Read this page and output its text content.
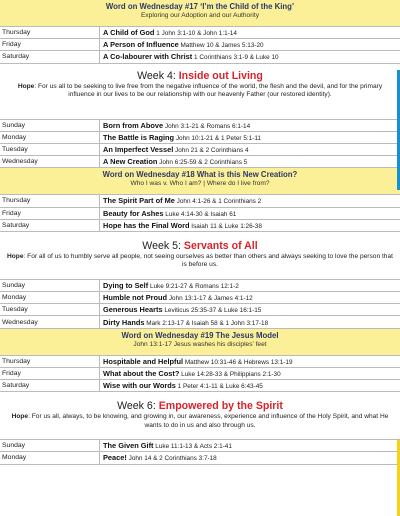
Word on Wednesday #17 ‘I’m the Child of the King’
Exploring our Adoption and our Authority
Thursday	A Child of God 1 John 3:1-10 & John 1:1-14
Friday	A Person of Influence Matthew 10 & James 5:13-20
Saturday	A Co-labourer with Christ 1 Corinthians 3:1-9 & Luke 10
Week 4: Inside out Living
Hope: For us all to be seeking to live free from the negative influence of the world, the flesh and the devil, and for the primary influence in our lives to be our relationship with our heavenly Father (our restored identity).
Sunday	Born from Above John 3:1-21 & Romans 6:1-14
Monday	The Battle is Raging John 10:1-21 & 1 Peter 5:1-11
Tuesday	An Imperfect Vessel John 21 & 2 Corinthians 4
Wednesday	A New Creation John 6:25-59 & 2 Corinthians 5
Word on Wednesday #18 What is this New Creation?
Who I was v. Who I am? | Where do I live from?
Thursday	The Spirit Part of Me John 4:1-26 & 1 Corinthians 2
Friday	Beauty for Ashes Luke 4:14-30 & Isaiah 61
Saturday	Hope has the Final Word Isaiah 11 & Luke 1:26-38
Week 5: Servants of All
Hope: For all of us to humbly serve all people, not seeing ourselves as better than others and always seeking to love the person that is before us.
Sunday	Dying to Self Luke 9:21-27 & Romans 12:1-2
Monday	Humble not Proud John 13:1-17 & James 4:1-12
Tuesday	Generous Hearts Leviticus 25:35-37 & Luke 16:1-15
Wednesday	Dirty Hands Mark 2:13-17 & Isaiah 58 & 1 John 3:17-18
Word on Wednesday #19 The Jesus Model
John 13:1-17 Jesus washes his disciples’ feet
Thursday	Hospitable and Helpful Matthew 10:31-46 & Hebrews 13:1-19
Friday	What about the Cost? Luke 14:28-33 & Philippians 2:1-30
Saturday	Wise with our Words 1 Peter 4:1-11 & Luke 6:43-45
Week 6: Empowered by the Spirit
Hope: For us all, always, to be knowing, and growing in, our awareness, experience and influence of the Holy Spirit, and what He wants to do in us and also through us.
Sunday	The Given Gift Luke 11:1-13 & Acts 2:1-41
Monday	Peace! John 14 & 2 Corinthians 3:7-18
